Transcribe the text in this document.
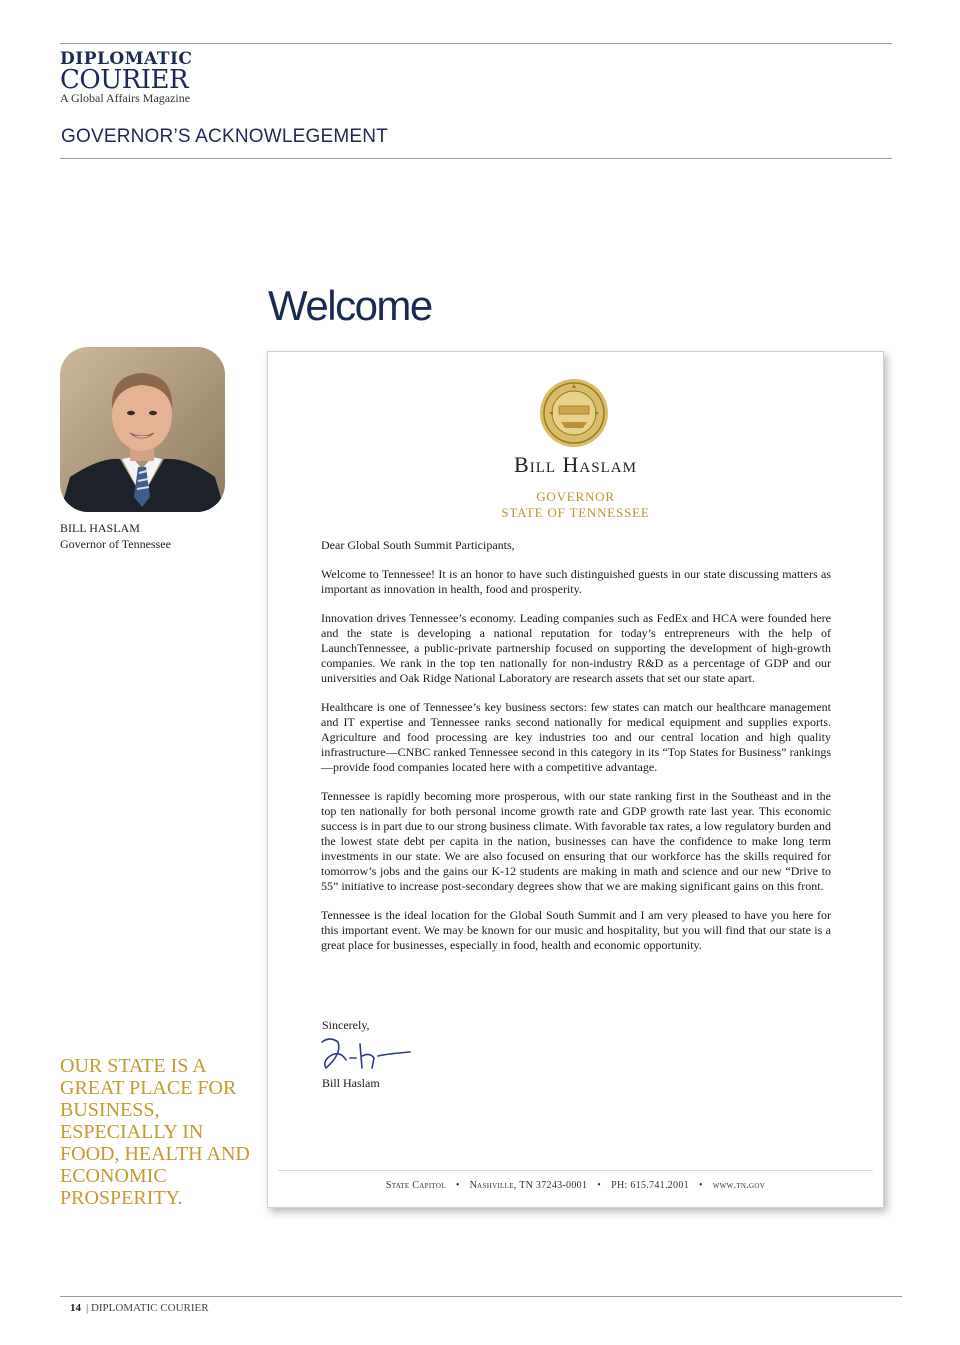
DIPLOMATIC
COURIER
A Global Affairs Magazine
GOVERNOR’S ACKNOWLEGEMENT
Welcome
BILL HASLAM
Governor of Tennessee
OUR STATE IS A GREAT PLACE FOR BUSINESS, ESPECIALLY IN FOOD, HEALTH AND ECONOMIC PROSPERITY.
Bill Haslam
GOVERNOR
STATE OF TENNESSEE

Dear Global South Summit Participants,

Welcome to Tennessee! It is an honor to have such distinguished guests in our state discussing matters as important as innovation in health, food and prosperity.

Innovation drives Tennessee’s economy. Leading companies such as FedEx and HCA were founded here and the state is developing a national reputation for today’s entrepreneurs with the help of LaunchTennessee, a public-private partnership focused on supporting the development of high-growth companies. We rank in the top ten nationally for non-industry R&D as a percentage of GDP and our universities and Oak Ridge National Laboratory are research assets that set our state apart.

Healthcare is one of Tennessee’s key business sectors: few states can match our healthcare management and IT expertise and Tennessee ranks second nationally for medical equipment and supplies exports. Agriculture and food processing are key industries too and our central location and high quality infrastructure—CNBC ranked Tennessee second in this category in its “Top States for Business” rankings—provide food companies located here with a competitive advantage.

Tennessee is rapidly becoming more prosperous, with our state ranking first in the Southeast and in the top ten nationally for both personal income growth rate and GDP growth rate last year. This economic success is in part due to our strong business climate. With favorable tax rates, a low regulatory burden and the lowest state debt per capita in the nation, businesses can have the confidence to make long term investments in our state. We are also focused on ensuring that our workforce has the skills required for tomorrow’s jobs and the gains our K-12 students are making in math and science and our new “Drive to 55” initiative to increase post-secondary degrees show that we are making significant gains on this front.

Tennessee is the ideal location for the Global South Summit and I am very pleased to have you here for this important event. We may be known for our music and hospitality, but you will find that our state is a great place for businesses, especially in food, health and economic opportunity.

Sincerely,
Bill Haslam
State Capitol • Nashville, TN 37243-0001 • PH: 615.741.2001 • www.tn.gov
14 | DIPLOMATIC COURIER
